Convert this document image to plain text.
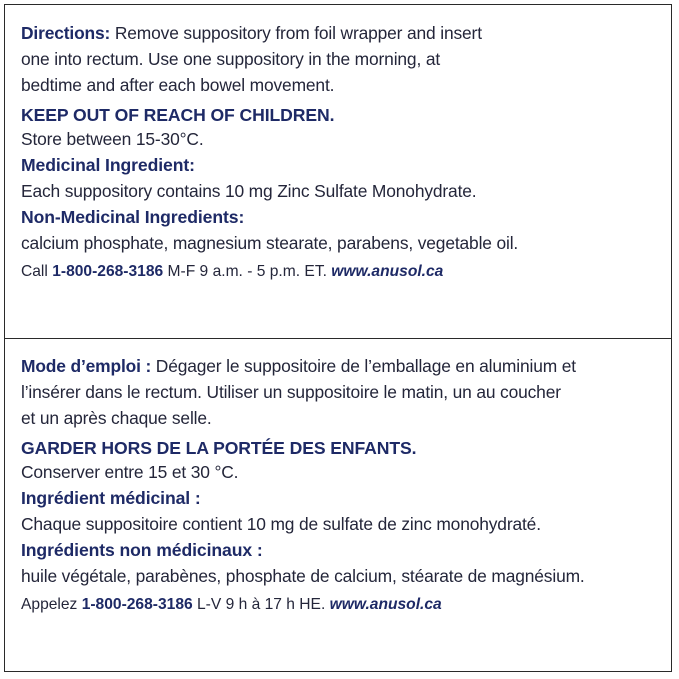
Directions: Remove suppository from foil wrapper and insert
one into rectum. Use one suppository in the morning, at
bedtime and after each bowel movement.
KEEP OUT OF REACH OF CHILDREN.
Store between 15-30°C.
Medicinal Ingredient:
Each suppository contains 10 mg Zinc Sulfate Monohydrate.
Non-Medicinal Ingredients:
calcium phosphate, magnesium stearate, parabens, vegetable oil.
Call 1-800-268-3186 M-F 9 a.m. - 5 p.m. ET. www.anusol.ca
Mode d’emploi : Dégager le suppositoire de l’emballage en aluminium et
l’insérer dans le rectum. Utiliser un suppositoire le matin, un au coucher
et un après chaque selle.
GARDER HORS DE LA PORTÉE DES ENFANTS.
Conserver entre 15 et 30 °C.
Ingrédient médicinal :
Chaque suppositoire contient 10 mg de sulfate de zinc monohydraté.
Ingrédients non médicinaux :
huile végétale, parabènes, phosphate de calcium, stéarate de magnésium.
Appelez 1-800-268-3186 L-V 9 h à 17 h HE. www.anusol.ca
